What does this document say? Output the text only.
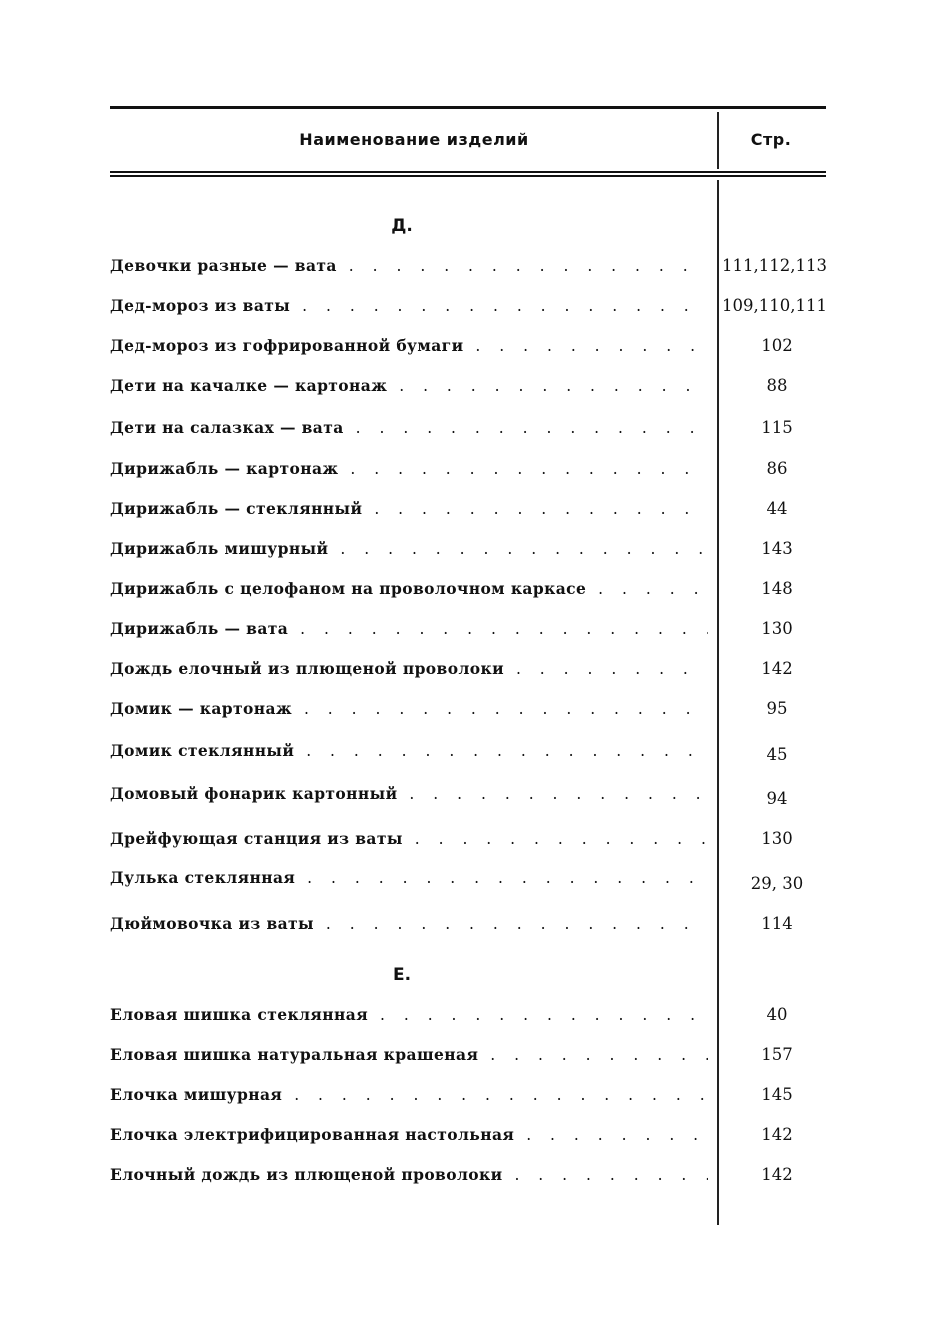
Наименование изделий	Стр.
Д.
Девочки разные — вата . . .	111,112,113
Дед-мороз из ваты . . .	109,110,111
Дед-мороз из гофрированной бумаги . . .	102
Дети на качалке — картонаж . . .	88
Дети на салазках — вата . . .	115
Дирижабль — картонаж . . .	86
Дирижабль — стеклянный . . .	44
Дирижабль мишурный . . .	143
Дирижабль с целофаном на проволочном каркасе . . .	148
Дирижабль — вата . . .	130
Дождь елочный из плющеной проволоки . . .	142
Домик — картонаж . . .	95
Домик стеклянный . . .	45
Домовый фонарик картонный . . .	94
Дрейфующая станция из ваты . . .	130
Дулька стеклянная . . .	29, 30
Дюймовочка из ваты . . .	114
Е.
Еловая шишка стеклянная . . .	40
Еловая шишка натуральная крашеная . . .	157
Елочка мишурная . . .	145
Елочка электрифицированная настольная . . .	142
Елочный дождь из плющеной проволоки . . .	142
